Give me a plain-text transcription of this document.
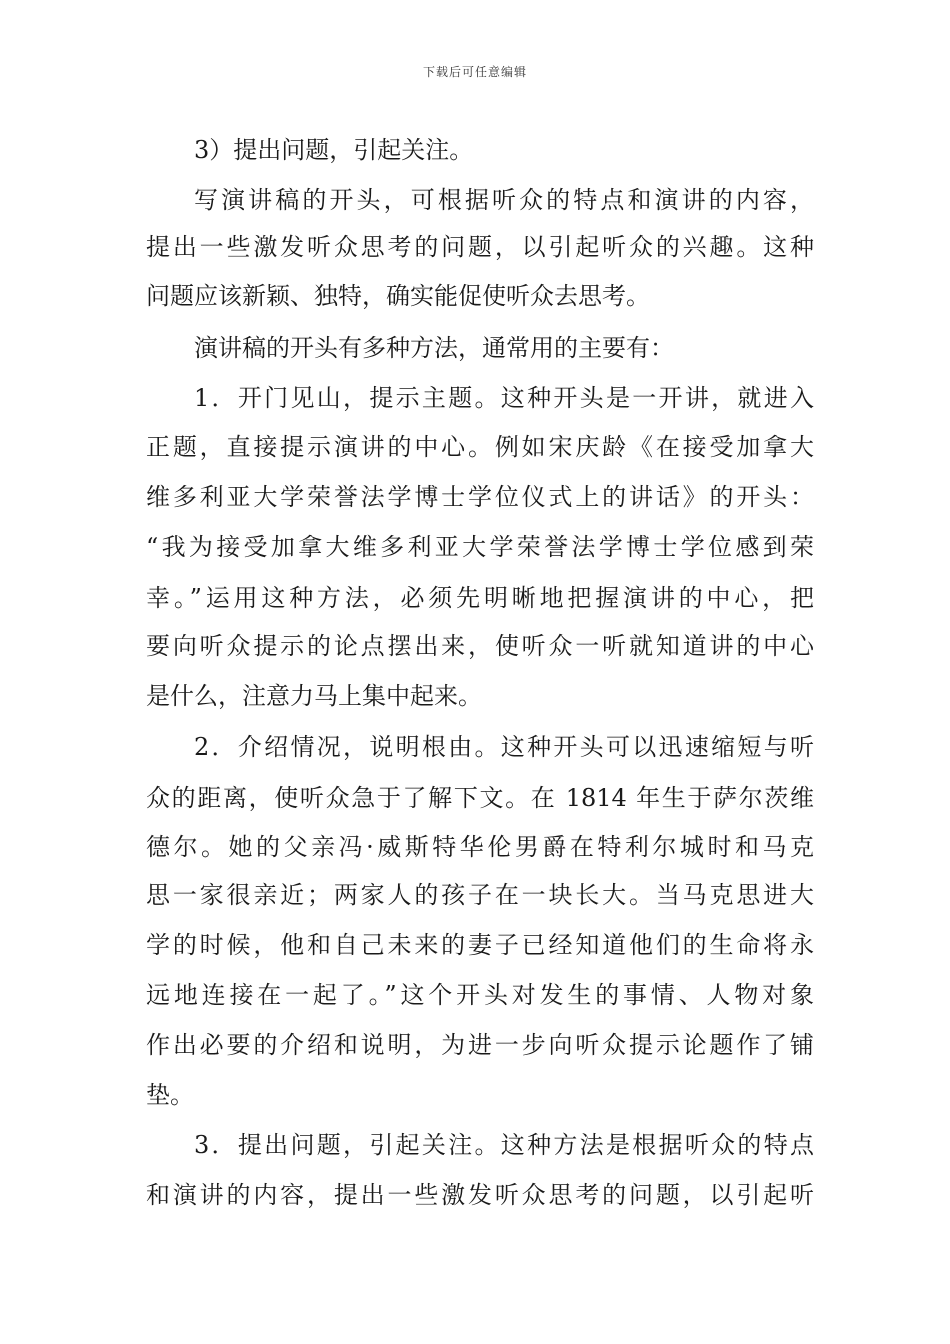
下载后可任意编辑
3）提出问题，引起关注。
写演讲稿的开头，可根据听众的特点和演讲的内容，
提出一些激发听众思考的问题，以引起听众的兴趣。这种
问题应该新颖、独特，确实能促使听众去思考。
演讲稿的开头有多种方法，通常用的主要有：
1．开门见山，提示主题。这种开头是一开讲，就进入
正题，直接提示演讲的中心。例如宋庆龄《在接受加拿大
维多利亚大学荣誉法学博士学位仪式上的讲话》的开头：
“我为接受加拿大维多利亚大学荣誉法学博士学位感到荣
幸。”运用这种方法，必须先明晰地把握演讲的中心，把
要向听众提示的论点摆出来，使听众一听就知道讲的中心
是什么，注意力马上集中起来。
2．介绍情况，说明根由。这种开头可以迅速缩短与听
众的距离，使听众急于了解下文。在 1814 年生于萨尔茨维
德尔。她的父亲冯·威斯特华伦男爵在特利尔城时和马克
思一家很亲近；两家人的孩子在一块长大。当马克思进大
学的时候，他和自己未来的妻子已经知道他们的生命将永
远地连接在一起了。”这个开头对发生的事情、人物对象
作出必要的介绍和说明，为进一步向听众提示论题作了铺
垫。
3．提出问题，引起关注。这种方法是根据听众的特点
和演讲的内容，提出一些激发听众思考的问题，以引起听
